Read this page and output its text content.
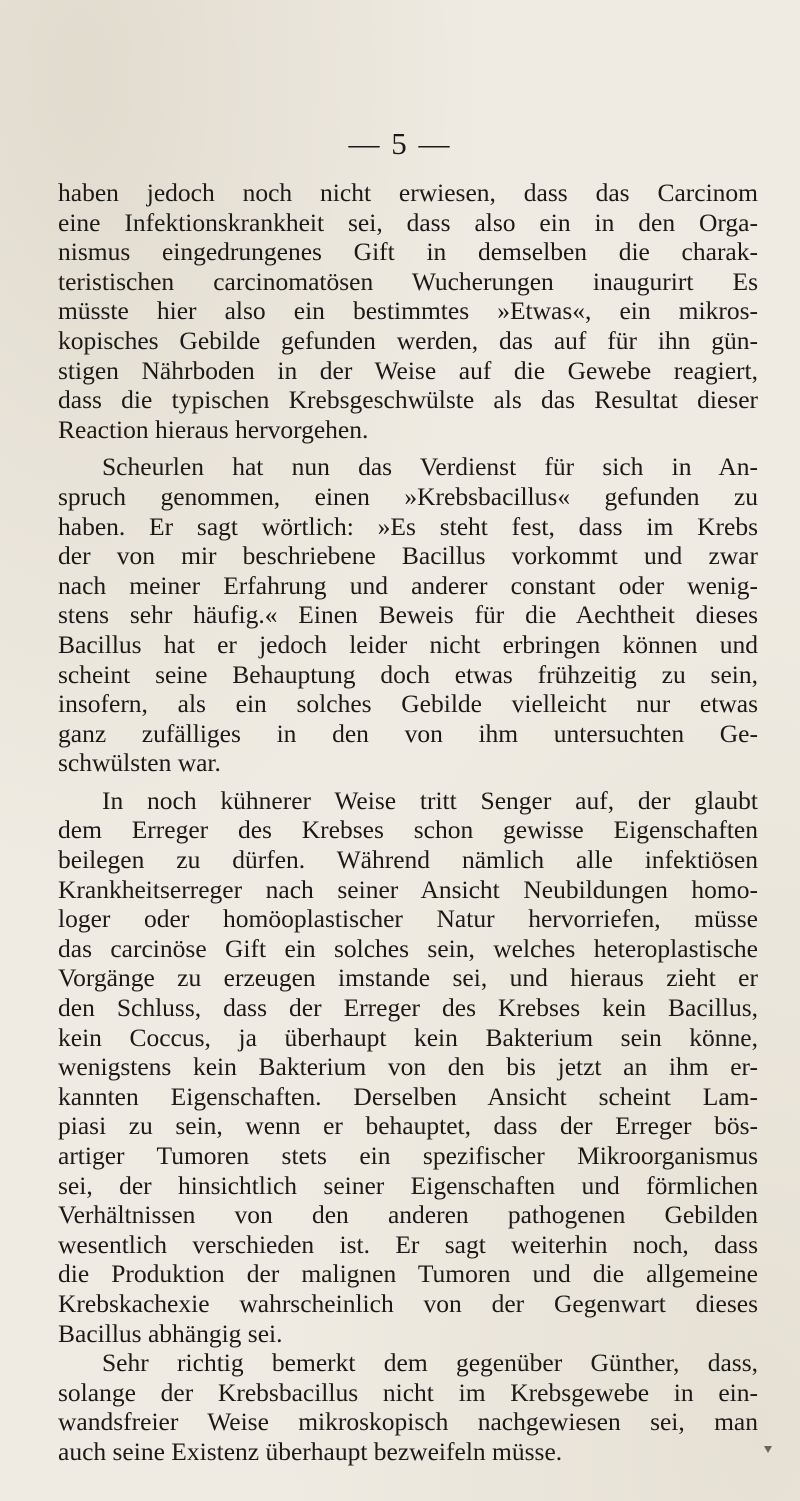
— 5 —
haben jedoch noch nicht erwiesen, dass das Carcinom
eine Infektionskrankheit sei, dass also ein in den Orga-
nismus eingedrungenes Gift in demselben die charak-
teristischen carcinomatösen Wucherungen inaugurirt Es
müsste hier also ein bestimmtes »Etwas«, ein mikros-
kopisches Gebilde gefunden werden, das auf für ihn gün-
stigen Nährboden in der Weise auf die Gewebe reagiert,
dass die typischen Krebsgeschwülste als das Resultat dieser
Reaction hieraus hervorgehen.
Scheurlen hat nun das Verdienst für sich in An-
spruch genommen, einen »Krebsbacillus« gefunden zu
haben. Er sagt wörtlich: »Es steht fest, dass im Krebs
der von mir beschriebene Bacillus vorkommt und zwar
nach meiner Erfahrung und anderer constant oder wenig-
stens sehr häufig.« Einen Beweis für die Aechtheit dieses
Bacillus hat er jedoch leider nicht erbringen können und
scheint seine Behauptung doch etwas frühzeitig zu sein,
insofern, als ein solches Gebilde vielleicht nur etwas
ganz zufälliges in den von ihm untersuchten Ge-
schwülsten war.
In noch kühnerer Weise tritt Senger auf, der glaubt
dem Erreger des Krebses schon gewisse Eigenschaften
beilegen zu dürfen. Während nämlich alle infektiösen
Krankheitserreger nach seiner Ansicht Neubildungen homo-
loger oder homöoplastischer Natur hervorriefen, müsse
das carcinöse Gift ein solches sein, welches heteroplastische
Vorgänge zu erzeugen imstande sei, und hieraus zieht er
den Schluss, dass der Erreger des Krebses kein Bacillus,
kein Coccus, ja überhaupt kein Bakterium sein könne,
wenigstens kein Bakterium von den bis jetzt an ihm er-
kannten Eigenschaften. Derselben Ansicht scheint Lam-
piasi zu sein, wenn er behauptet, dass der Erreger bös-
artiger Tumoren stets ein spezifischer Mikroorganismus
sei, der hinsichtlich seiner Eigenschaften und förmlichen
Verhältnissen von den anderen pathogenen Gebilden
wesentlich verschieden ist. Er sagt weiterhin noch, dass
die Produktion der malignen Tumoren und die allgemeine
Krebskachexie wahrscheinlich von der Gegenwart dieses
Bacillus abhängig sei.
Sehr richtig bemerkt dem gegenüber Günther, dass,
solange der Krebsbacillus nicht im Krebsgewebe in ein-
wandsfreier Weise mikroskopisch nachgewiesen sei, man
auch seine Existenz überhaupt bezweifeln müsse.
